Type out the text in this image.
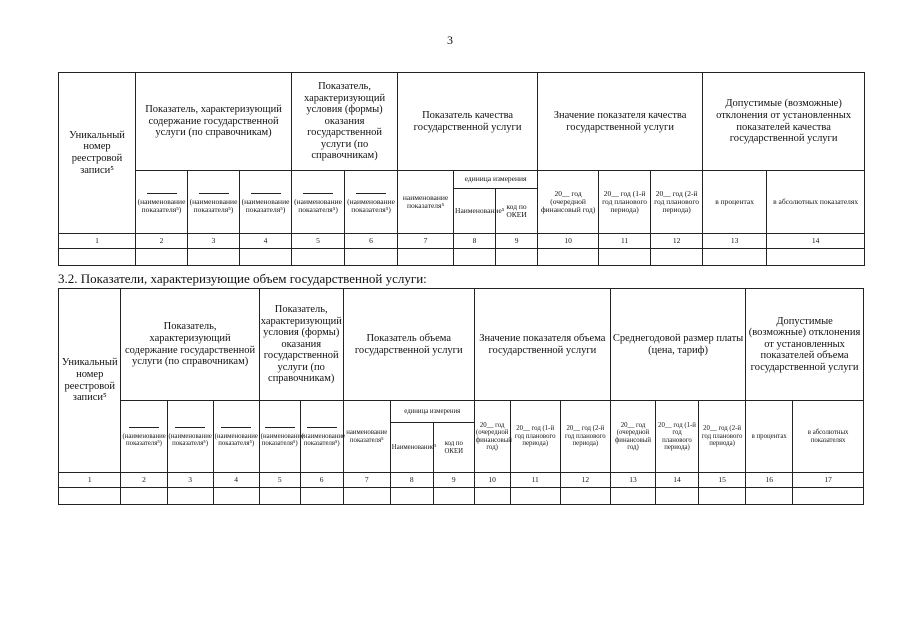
3
Уникальный номер реестровой записи⁵	Показатель, характеризующий содержание государственной услуги (по справочникам)			Показатель, характеризующий условия (формы) оказания государственной услуги (по справочникам)		Показатель качества государственной услуги			Значение показателя качества государственной услуги			Допустимые (возможные) отклонения от установленных показателей качества государственной услуги	

(наименование показателя⁵)	(наименование показателя⁵)	(наименование показателя⁵)	(наименование показателя⁵)	(наименование показателя⁵)	наименование показателя⁵	единица измерения		20__ год (очередной финансовый год)	20__ год (1-й год планового периода)	20__ год (2-й год планового периода)	в процентах	в абсолютных показателях
							Наименование⁵	код по ОКЕИ					
1	2	3	4	5	6	7	8	9	10	11	12	13	14

3.2. Показатели, характеризующие объем государственной услуги:
Уникальный номер реестровой записи⁵	Показатель, характеризующий содержание государственной услуги (по справочникам)			Показатель, характеризующий условия (формы) оказания государственной услуги (по справочникам)		Показатель объема государственной услуги			Значение показателя объема государственной услуги			Среднегодовой размер платы (цена, тариф)			Допустимые (возможные) отклонения от установленных показателей объема государственной услуги	

(наименование показателя⁵)	(наименование показателя⁵)	(наименование показателя⁵)	(наименование показателя⁵)	(наименование показателя⁵)	наименование показателя⁵	единица измерения		20__ год (очередной финансовый год)	20__ год (1-й год планового периода)	20__ год (2-й год планового периода)	20__ год (очередной финансовый год)	20__ год (1-й год планового периода)	20__ год (2-й год планового периода)	в процентах	в абсолютных показателях
							Наименование⁵	код по ОКЕИ								
1	2	3	4	5	6	7	8	9	10	11	12	13	14	15	16	17
